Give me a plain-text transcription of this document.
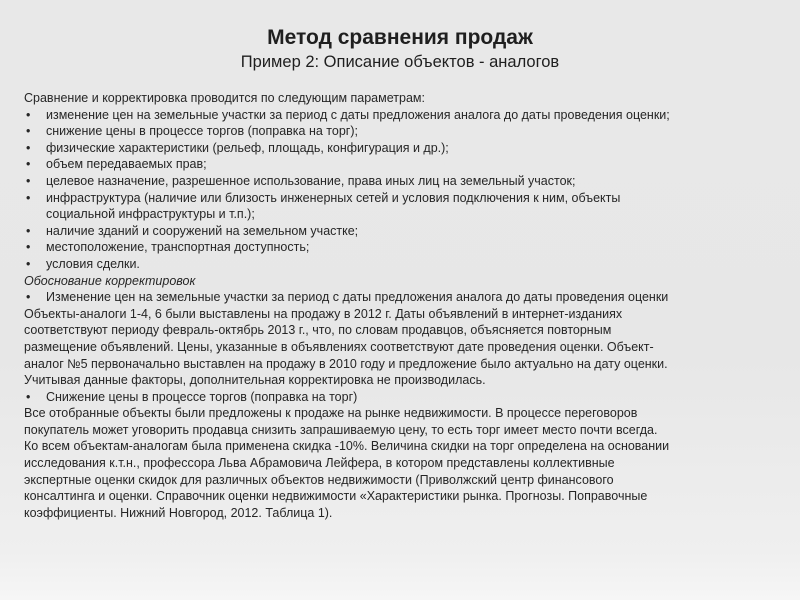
Метод сравнения продаж
Пример 2: Описание объектов - аналогов
Сравнение и корректировка проводится по следующим параметрам:
• изменение цен на земельные участки за период с даты предложения аналога до даты проведения оценки;
• снижение цены в процессе торгов (поправка на торг);
• физические характеристики (рельеф, площадь, конфигурация и др.);
• объем передаваемых прав;
• целевое назначение, разрешенное использование, права иных лиц на земельный участок;
• инфраструктура (наличие или близость инженерных сетей и условия подключения к ним, объекты
социальной инфраструктуры и т.п.);
• наличие зданий и сооружений на земельном участке;
• местоположение, транспортная доступность;
• условия сделки.
Обоснование корректировок
• Изменение цен на земельные участки за период с даты предложения аналога до даты проведения оценки
Объекты-аналоги 1-4, 6 были выставлены на продажу в 2012 г. Даты объявлений в интернет-изданиях
соответствуют периоду февраль-октябрь 2013 г., что, по словам продавцов, объясняется повторным
размещение объявлений. Цены, указанные в объявлениях соответствуют дате проведения оценки. Объект-
аналог №5 первоначально выставлен на продажу в 2010 году и предложение было актуально на дату оценки.
Учитывая данные факторы, дополнительная корректировка не производилась.
• Снижение цены в процессе торгов (поправка на торг)
Все отобранные объекты были предложены к продаже на рынке недвижимости. В процессе переговоров
покупатель может уговорить продавца снизить запрашиваемую цену, то есть торг имеет место почти всегда.
Ко всем объектам-аналогам была применена скидка -10%. Величина скидки на торг определена на основании
исследования к.т.н., профессора Льва Абрамовича Лейфера, в котором представлены коллективные
экспертные оценки скидок для различных объектов недвижимости (Приволжский центр финансового
консалтинга и оценки. Справочник оценки недвижимости «Характеристики рынка. Прогнозы. Поправочные
коэффициенты. Нижний Новгород, 2012. Таблица 1).
